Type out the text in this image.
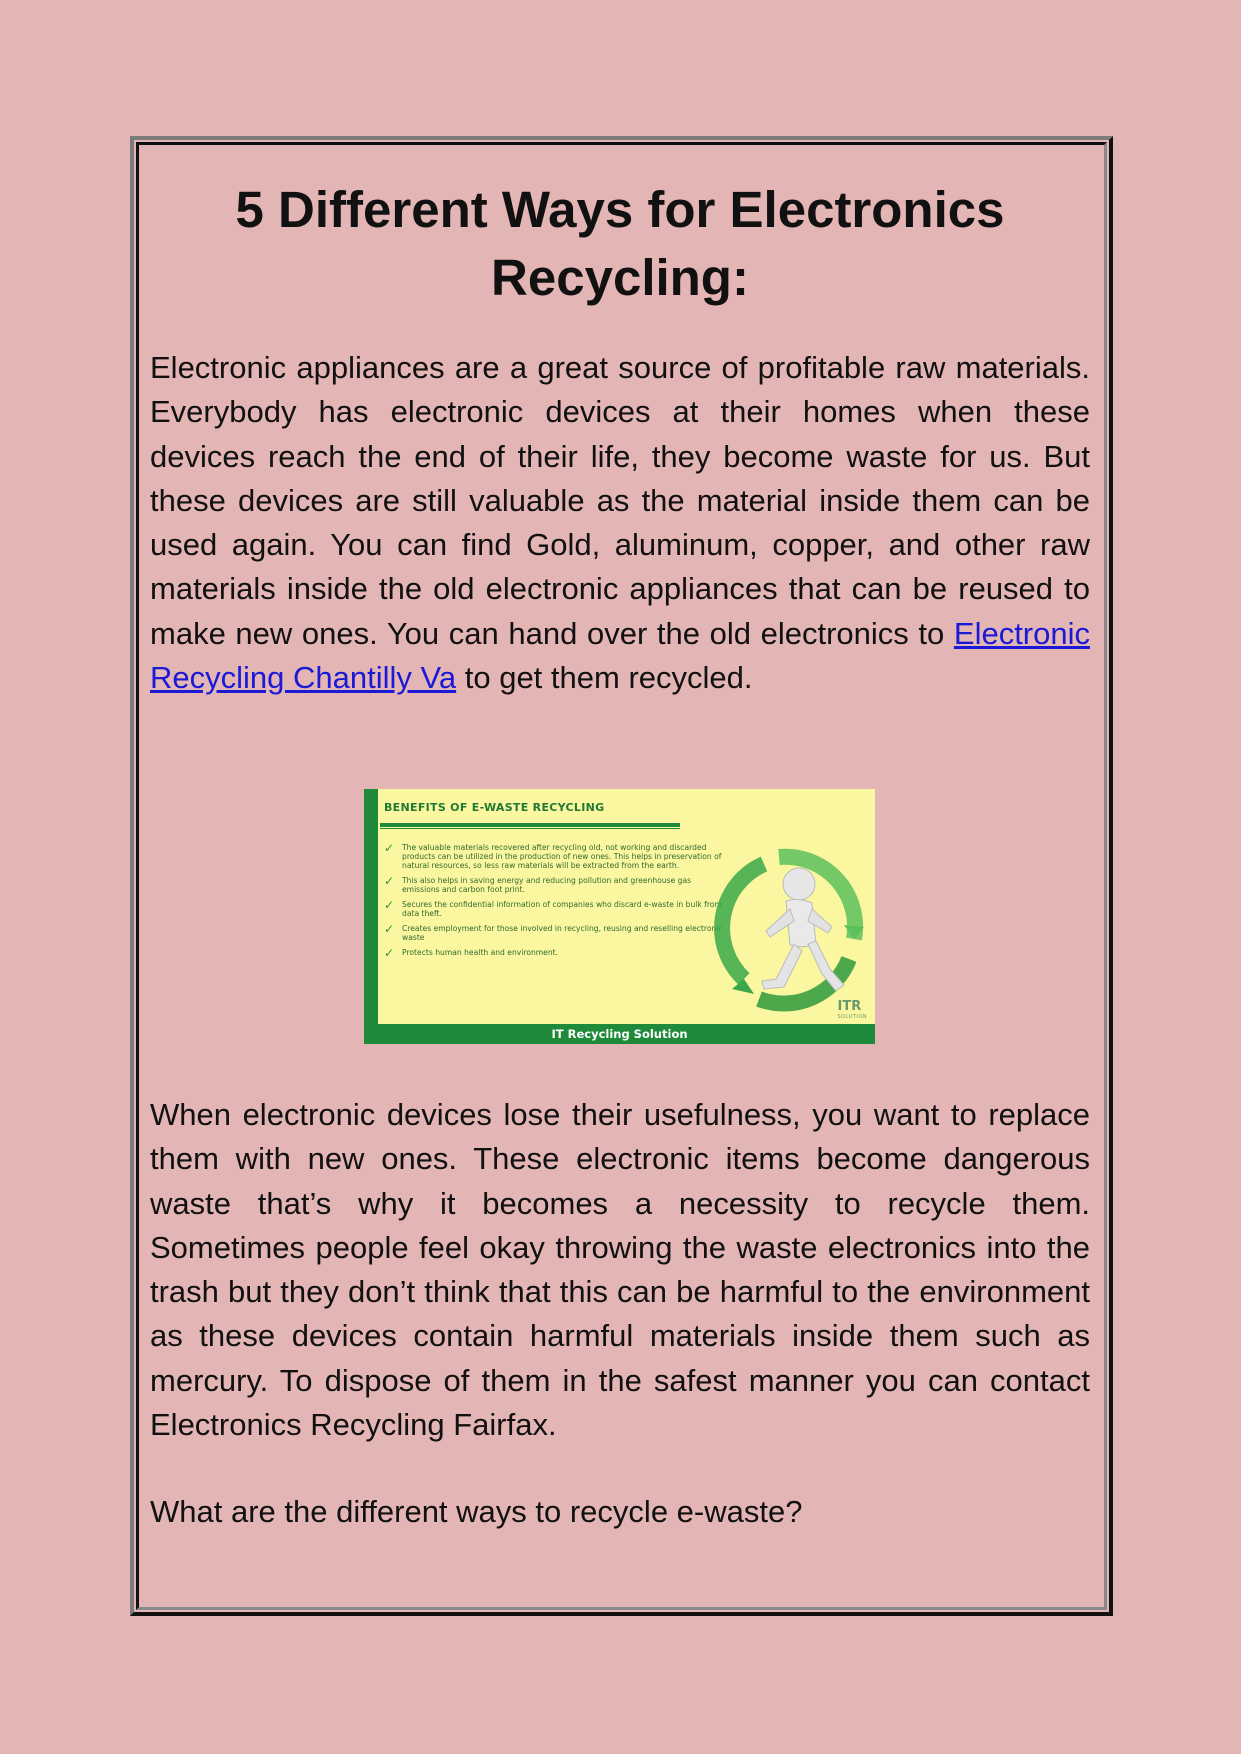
5 Different Ways for Electronics Recycling:

Electronic appliances are a great source of profitable raw materials. Everybody has electronic devices at their homes when these devices reach the end of their life, they become waste for us. But these devices are still valuable as the material inside them can be used again. You can find Gold, aluminum, copper, and other raw materials inside the old electronic appliances that can be reused to make new ones. You can hand over the old electronics to Electronic Recycling Chantilly Va to get them recycled.

BENEFITS OF E-WASTE RECYCLING
✓ The valuable materials recovered after recycling old, not working and discarded products can be utilized in the production of new ones. This helps in preservation of natural resources, so less raw materials will be extracted from the earth.
✓ This also helps in saving energy and reducing pollution and greenhouse gas emissions and carbon foot print.
✓ Secures the confidential information of companies who discard e-waste in bulk from data theft.
✓ Creates employment for those involved in recycling, reusing and reselling electronic waste
✓ Protects human health and environment.
ITR
SOLUTION
IT Recycling Solution

When electronic devices lose their usefulness, you want to replace them with new ones. These electronic items become dangerous waste that’s why it becomes a necessity to recycle them. Sometimes people feel okay throwing the waste electronics into the trash but they don’t think that this can be harmful to the environment as these devices contain harmful materials inside them such as mercury. To dispose of them in the safest manner you can contact Electronics Recycling Fairfax.

What are the different ways to recycle e-waste?
